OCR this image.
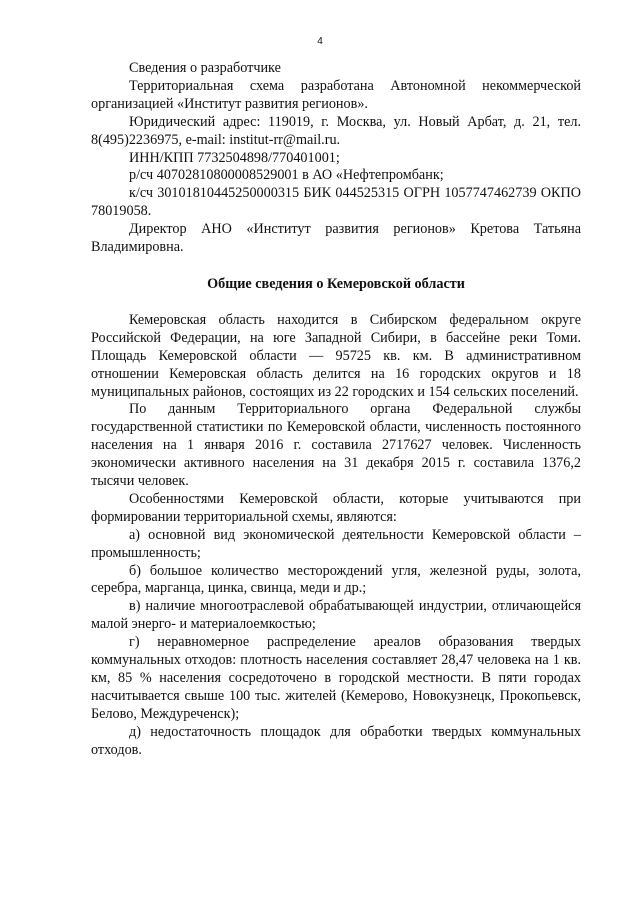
4

Сведения о разработчике

Территориальная схема разработана Автономной некоммерческой организацией «Институт развития регионов».

Юридический адрес: 119019, г. Москва, ул. Новый Арбат, д. 21, тел. 8(495)2236975, e-mail: institut-rr@mail.ru.

ИНН/КПП 7732504898/770401001;

р/сч 40702810800008529001 в АО «Нефтепромбанк;

к/сч 30101810445250000315 БИК 044525315 ОГРН 1057747462739 ОКПО 78019058.

Директор АНО «Институт развития регионов» Кретова Татьяна Владимировна.

Общие сведения о Кемеровской области

Кемеровская область находится в Сибирском федеральном округе Российской Федерации, на юге Западной Сибири, в бассейне реки Томи. Площадь Кемеровской области — 95725 кв. км. В административном отношении Кемеровская область делится на 16 городских округов и 18 муниципальных районов, состоящих из 22 городских и 154 сельских поселений.

По данным Территориального органа Федеральной службы государственной статистики по Кемеровской области, численность постоянного населения на 1 января 2016 г. составила 2717627 человек. Численность экономически активного населения на 31 декабря 2015 г. составила 1376,2 тысячи человек.

Особенностями Кемеровской области, которые учитываются при формировании территориальной схемы, являются:

а) основной вид экономической деятельности Кемеровской области – промышленность;

б) большое количество месторождений угля, железной руды, золота, серебра, марганца, цинка, свинца, меди и др.;

в) наличие многоотраслевой обрабатывающей индустрии, отличающейся малой энерго- и материалоемкостью;

г) неравномерное распределение ареалов образования твердых коммунальных отходов: плотность населения составляет 28,47 человека на 1 кв. км, 85 % населения сосредоточено в городской местности. В пяти городах насчитывается свыше 100 тыс. жителей (Кемерово, Новокузнецк, Прокопьевск, Белово, Междуреченск);

д) недостаточность площадок для обработки твердых коммунальных отходов.
